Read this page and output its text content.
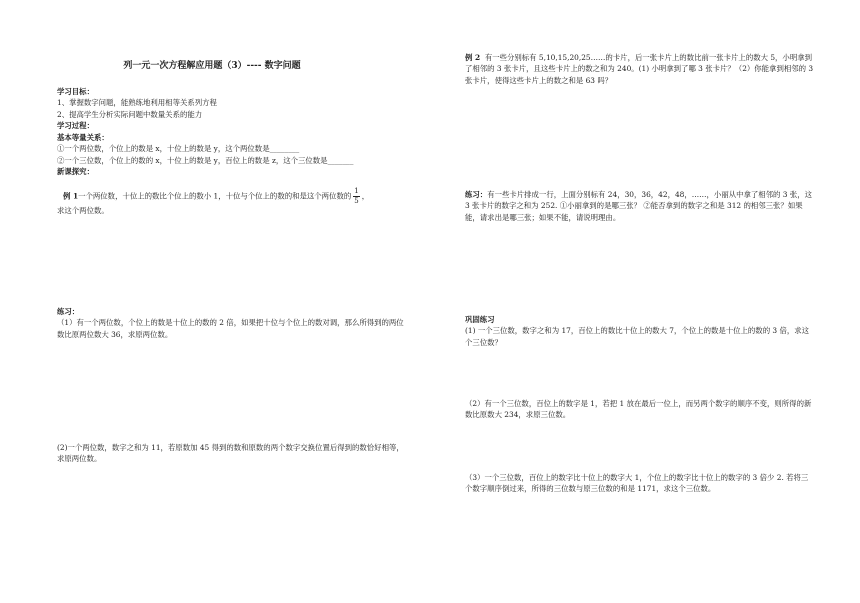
列一元一次方程解应用题（3）---- 数字问题

学习目标：

1、掌握数字问题，能熟练地利用相等关系列方程

2、提高学生分析实际问题中数量关系的能力

学习过程：

基本等量关系：

①一个两位数，个位上的数是 x，十位上的数是 y，这个两位数是________

②一个三位数，个位上的数的 x，十位上的数是 y，百位上的数是 z，这个三位数是_______

新课探究：

例 1一个两位数，十位上的数比个位上的数小 1，十位与个位上的数的和是这个两位数的 $\frac{1}{5}$ ，

求这个两位数。

练习：

（1）有一个两位数，个位上的数是十位上的数的 2 倍，如果把十位与个位上的数对调，那么所得到的两位数比原两位数大 36，求原两位数。

(2)一个两位数，数字之和为 11，若原数加 45 得到的数和原数的两个数字交换位置后得到的数恰好相等，求原两位数。

例 2 有一些分别标有 5,10,15,20,25……的卡片，后一张卡片上的数比前一张卡片上的数大 5，小明拿到了相邻的 3 张卡片，且这些卡片上的数之和为 240。(1) 小明拿到了哪 3 张卡片？（2）你能拿到相邻的 3 张卡片，使得这些卡片上的数之和是 63 吗？

练习：有一些卡片排成一行，上面分别标有 24，30，36，42，48，……，小丽从中拿了相邻的 3 张，这 3 张卡片的数字之和为 252. ①小丽拿到的是哪三张？ ②能否拿到的数字之和是 312 的相邻三张？如果能，请求出是哪三张；如果不能，请说明理由。

巩固练习

(1) 一个三位数，数字之和为 17，百位上的数比十位上的数大 7，个位上的数是十位上的数的 3 倍，求这个三位数？

（2）有一个三位数，百位上的数字是 1，若把 1 放在最后一位上，而另两个数字的顺序不变，则所得的新数比原数大 234，求原三位数。

（3）一个三位数，百位上的数字比十位上的数字大 1，个位上的数字比十位上的数字的 3 倍少 2. 若将三个数字顺序倒过来，所得的三位数与原三位数的和是 1171，求这个三位数。
